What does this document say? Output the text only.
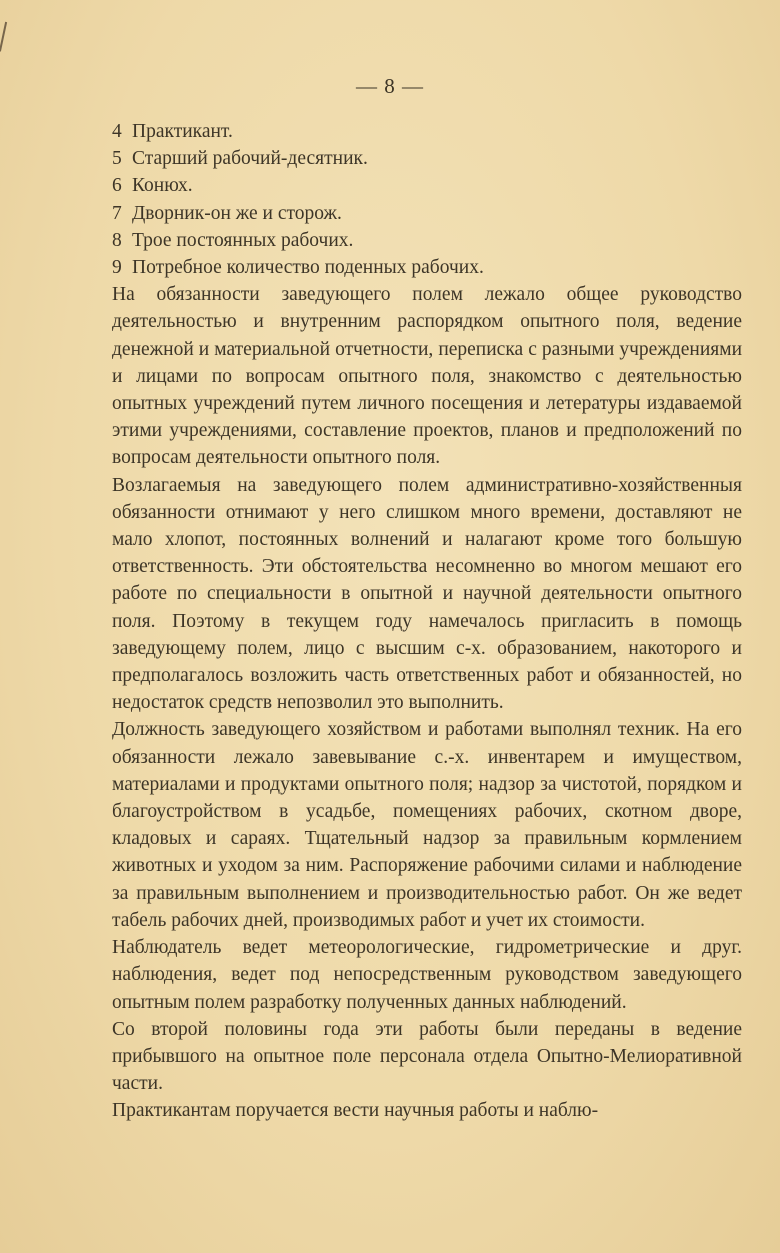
— 8 —
4 Практикант.
5 Старший рабочий-десятник.
6 Конюх.
7 Дворник-он же и сторож.
8 Трое постоянных рабочих.
9 Потребное количество поденных рабочих.

На обязанности заведующего полем лежало общее руководство деятельностью и внутренним распорядком опытного поля, ведение денежной и материальной отчетности, переписка с разными учреждениями и лицами по вопросам опытного поля, знакомство с деятельностью опытных учреждений путем личного посещения и летературы издаваемой этими учреждениями, составление проектов, планов и предположений по вопросам деятельности опытного поля.

Возлагаемыя на заведующего полем административно-хозяйственныя обязанности отнимают у него слишком много времени, доставляют не мало хлопот, постоянных волнений и налагают кроме того большую ответственность. Эти обстоятельства несомненно во многом мешают его работе по специальности в опытной и научной деятельности опытного поля. Поэтому в текущем году намечалось пригласить в помощь заведующему полем, лицо с высшим с-х. образованием, накоторого и предполагалось возложить часть ответственных работ и обязанностей, но недостаток средств непозволил это выполнить.

Должность заведующего хозяйством и работами выполнял техник. На его обязанности лежало завевывание с.-х. инвентарем и имуществом, материалами и продуктами опытного поля; надзор за чистотой, порядком и благоустройством в усадьбе, помещениях рабочих, скотном дворе, кладовых и сараях. Тщательный надзор за правильным кормлением животных и уходом за ним. Распоряжение рабочими силами и наблюдение за правильным выполнением и производительностью работ. Он же ведет табель рабочих дней, производимых работ и учет их стоимости.

Наблюдатель ведет метеорологические, гидрометрические и друг. наблюдения, ведет под непосредственным руководством заведующего опытным полем разработку полученных данных наблюдений.

Со второй половины года эти работы были переданы в ведение прибывшого на опытное поле персонала отдела Опытно-Мелиоративной части.

Практикантам поручается вести научныя работы и наблю-
